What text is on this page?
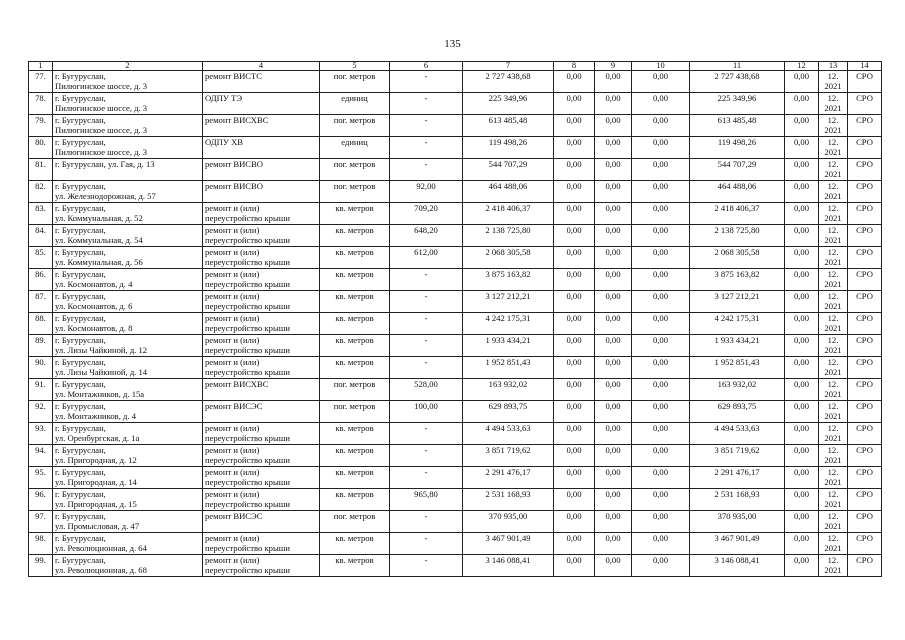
135
1	2	4	5	6	7	8	9	10	11	12	13	14
77.	г. Бугуруслан,
Пилюгинское шоссе, д. 3	ремонт ВИСТС	пог. метров	-	2 727 438,68	0,00	0,00	0,00	2 727 438,68	0,00	12.
2021	СРО
78.	г. Бугуруслан,
Пилюгинское шоссе, д. 3	ОДПУ ТЭ	единиц	-	225 349,96	0,00	0,00	0,00	225 349,96	0,00	12.
2021	СРО
79.	г. Бугуруслан,
Пилюгинское шоссе, д. 3	ремонт ВИСХВС	пог. метров	-	613 485,48	0,00	0,00	0,00	613 485,48	0,00	12.
2021	СРО
80.	г. Бугуруслан,
Пилюгинское шоссе, д. 3	ОДПУ ХВ	единиц	-	119 498,26	0,00	0,00	0,00	119 498,26	0,00	12.
2021	СРО
81.	г. Бугуруслан, ул. Гая, д. 13	ремонт ВИСВО	пог. метров	-	544 707,29	0,00	0,00	0,00	544 707,29	0,00	12.
2021	СРО
82.	г. Бугуруслан,
ул. Железнодорожная, д. 57	ремонт ВИСВО	пог. метров	92,00	464 488,06	0,00	0,00	0,00	464 488,06	0,00	12.
2021	СРО
83.	г. Бугуруслан,
ул. Коммунальная, д. 52	ремонт и (или)
переустройство крыши	кв. метров	709,20	2 418 406,37	0,00	0,00	0,00	2 418 406,37	0,00	12.
2021	СРО
84.	г. Бугуруслан,
ул. Коммунальная, д. 54	ремонт и (или)
переустройство крыши	кв. метров	648,20	2 138 725,80	0,00	0,00	0,00	2 138 725,80	0,00	12.
2021	СРО
85.	г. Бугуруслан,
ул. Коммунальная, д. 56	ремонт и (или)
переустройство крыши	кв. метров	612,00	2 068 305,58	0,00	0,00	0,00	2 068 305,58	0,00	12.
2021	СРО
86.	г. Бугуруслан,
ул. Космонавтов, д. 4	ремонт и (или)
переустройство крыши	кв. метров	-	3 875 163,82	0,00	0,00	0,00	3 875 163,82	0,00	12.
2021	СРО
87.	г. Бугуруслан,
ул. Космонавтов, д. 6	ремонт и (или)
переустройство крыши	кв. метров	-	3 127 212,21	0,00	0,00	0,00	3 127 212,21	0,00	12.
2021	СРО
88.	г. Бугуруслан,
ул. Космонавтов, д. 8	ремонт и (или)
переустройство крыши	кв. метров	-	4 242 175,31	0,00	0,00	0,00	4 242 175,31	0,00	12.
2021	СРО
89.	г. Бугуруслан,
ул. Лизы Чайкиной, д. 12	ремонт и (или)
переустройство крыши	кв. метров	-	1 933 434,21	0,00	0,00	0,00	1 933 434,21	0,00	12.
2021	СРО
90.	г. Бугуруслан,
ул. Лизы Чайкиной, д. 14	ремонт и (или)
переустройство крыши	кв. метров	-	1 952 851,43	0,00	0,00	0,00	1 952 851,43	0,00	12.
2021	СРО
91.	г. Бугуруслан,
ул. Монтажников, д. 15а	ремонт ВИСХВС	пог. метров	528,00	163 932,02	0,00	0,00	0,00	163 932,02	0,00	12.
2021	СРО
92.	г. Бугуруслан,
ул. Монтажников, д. 4	ремонт ВИСЭС	пог. метров	100,00	629 893,75	0,00	0,00	0,00	629 893,75	0,00	12.
2021	СРО
93.	г. Бугуруслан,
ул. Оренбургская, д. 1а	ремонт и (или)
переустройство крыши	кв. метров	-	4 494 533,63	0,00	0,00	0,00	4 494 533,63	0,00	12.
2021	СРО
94.	г. Бугуруслан,
ул. Пригородная, д. 12	ремонт и (или)
переустройство крыши	кв. метров	-	3 851 719,62	0,00	0,00	0,00	3 851 719,62	0,00	12.
2021	СРО
95.	г. Бугуруслан,
ул. Пригородная, д. 14	ремонт и (или)
переустройство крыши	кв. метров	-	2 291 476,17	0,00	0,00	0,00	2 291 476,17	0,00	12.
2021	СРО
96.	г. Бугуруслан,
ул. Пригородная, д. 15	ремонт и (или)
переустройство крыши	кв. метров	965,80	2 531 168,93	0,00	0,00	0,00	2 531 168,93	0,00	12.
2021	СРО
97.	г. Бугуруслан,
ул. Промысловая, д. 47	ремонт ВИСЭС	пог. метров	-	370 935,00	0,00	0,00	0,00	370 935,00	0,00	12.
2021	СРО
98.	г. Бугуруслан,
ул. Революционная, д. 64	ремонт и (или)
переустройство крыши	кв. метров	-	3 467 901,49	0,00	0,00	0,00	3 467 901,49	0,00	12.
2021	СРО
99.	г. Бугуруслан,
ул. Революционная, д. 68	ремонт и (или)
переустройство крыши	кв. метров	-	3 146 088,41	0,00	0,00	0,00	3 146 088,41	0,00	12.
2021	СРО
